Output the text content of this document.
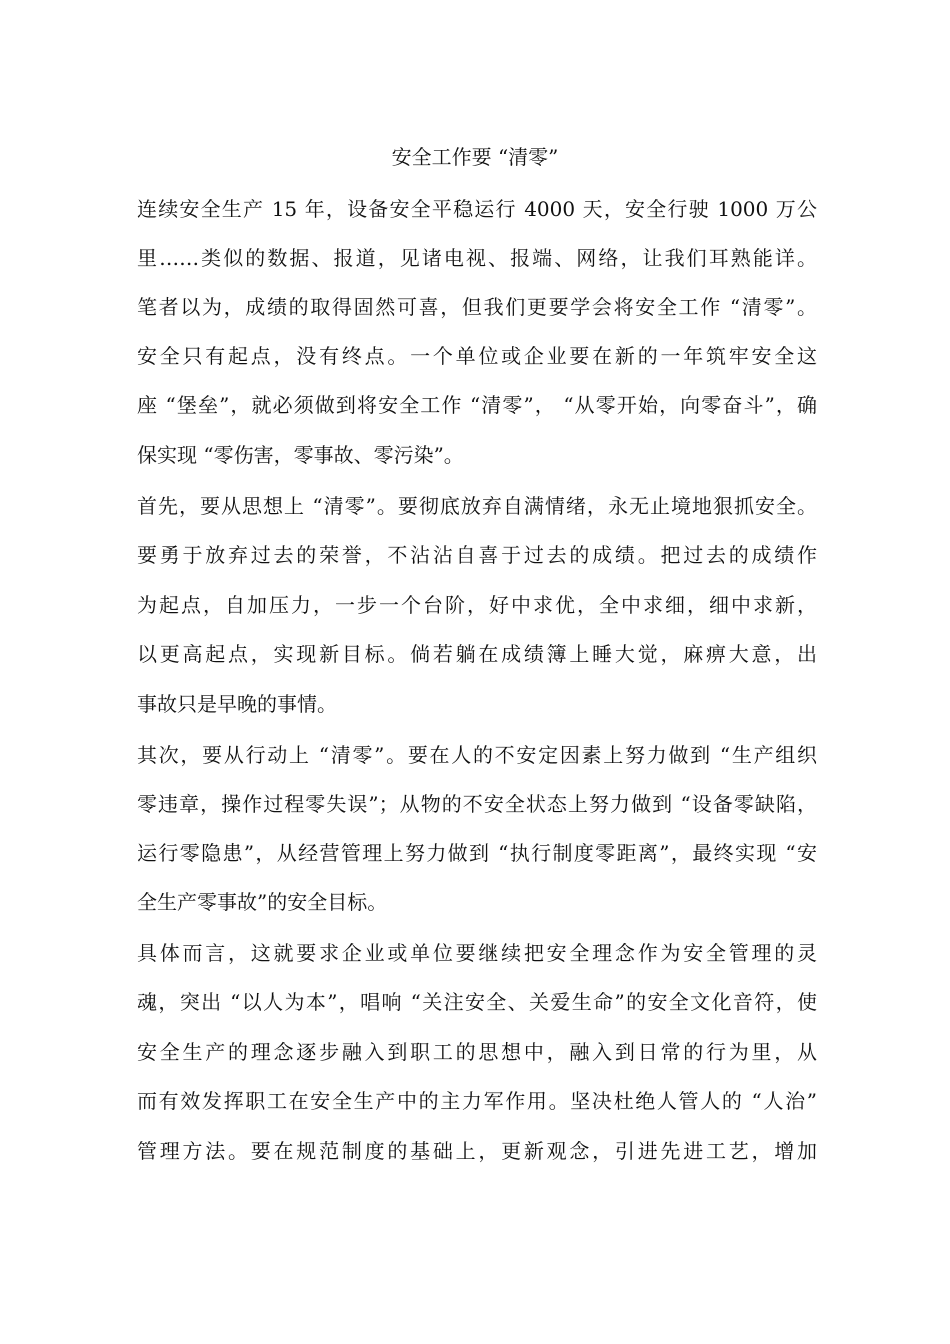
安全工作要 “清零”
连续安全生产 15 年，设备安全平稳运行 4000 天，安全行驶 1000 万公
里……类似的数据、报道，见诸电视、报端、网络，让我们耳熟能详。
笔者以为，成绩的取得固然可喜，但我们更要学会将安全工作 “清零”。
安全只有起点，没有终点。一个单位或企业要在新的一年筑牢安全这
座 “堡垒”，就必须做到将安全工作 “清零”， “从零开始，向零奋斗”，确
保实现 “零伤害，零事故、零污染”。
首先，要从思想上 “清零”。要彻底放弃自满情绪，永无止境地狠抓安全。
要勇于放弃过去的荣誉，不沾沾自喜于过去的成绩。把过去的成绩作
为起点，自加压力，一步一个台阶，好中求优，全中求细，细中求新，
以更高起点，实现新目标。倘若躺在成绩簿上睡大觉，麻痹大意，出
事故只是早晚的事情。
其次，要从行动上 “清零”。要在人的不安定因素上努力做到 “生产组织
零违章，操作过程零失误”；从物的不安全状态上努力做到 “设备零缺陷，
运行零隐患”，从经营管理上努力做到 “执行制度零距离”，最终实现 “安
全生产零事故”的安全目标。
具体而言，这就要求企业或单位要继续把安全理念作为安全管理的灵
魂，突出 “以人为本”，唱响 “关注安全、关爱生命”的安全文化音符，使
安全生产的理念逐步融入到职工的思想中，融入到日常的行为里，从
而有效发挥职工在安全生产中的主力军作用。坚决杜绝人管人的 “人治”
管理方法。要在规范制度的基础上，更新观念，引进先进工艺，增加
